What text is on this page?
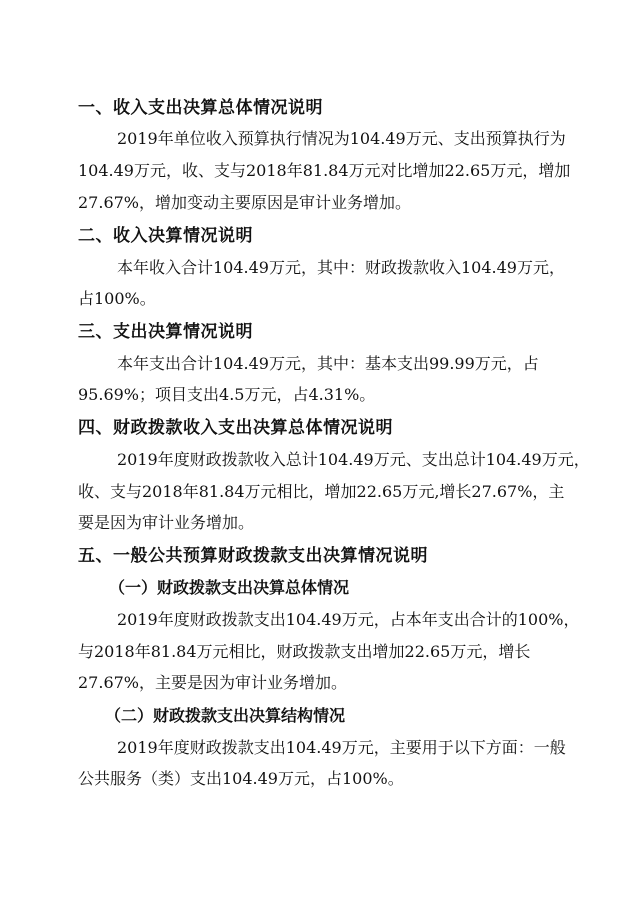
一、收入支出决算总体情况说明
2019年单位收入预算执行情况为104.49万元、支出预算执行为
104.49万元，收、支与2018年81.84万元对比增加22.65万元，增加
27.67%，增加变动主要原因是审计业务增加。
二、收入决算情况说明
本年收入合计104.49万元，其中：财政拨款收入104.49万元，
占100%。
三、支出决算情况说明
本年支出合计104.49万元，其中：基本支出99.99万元，占
95.69%；项目支出4.5万元，占4.31%。
四、财政拨款收入支出决算总体情况说明
2019年度财政拨款收入总计104.49万元、支出总计104.49万元，
收、支与2018年81.84万元相比，增加22.65万元,增长27.67%，主
要是因为审计业务增加。
五、一般公共预算财政拨款支出决算情况说明
（一）财政拨款支出决算总体情况
2019年度财政拨款支出104.49万元，占本年支出合计的100%，
与2018年81.84万元相比，财政拨款支出增加22.65万元，增长
27.67%，主要是因为审计业务增加。
（二）财政拨款支出决算结构情况
2019年度财政拨款支出104.49万元，主要用于以下方面：一般
公共服务（类）支出104.49万元，占100%。
